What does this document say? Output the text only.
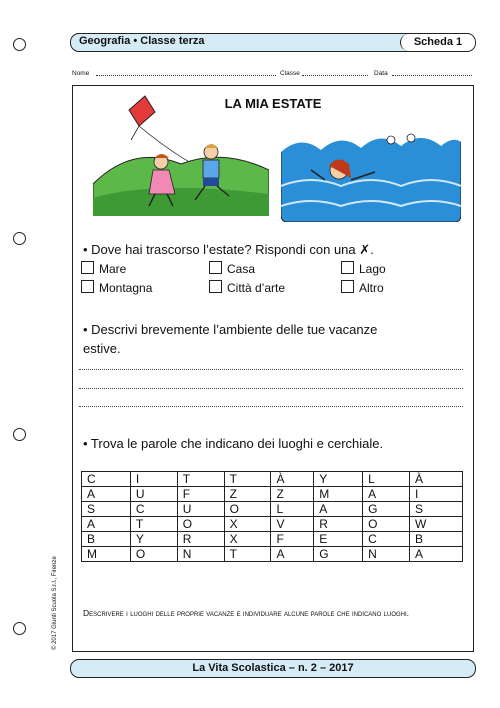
Geografia • Classe terza	Scheda 1
Nome	Classe	Data
LA MIA ESTATE
• Dove hai trascorso l’estate? Rispondi con una ✗.
Mare	Casa	Lago
Montagna	Città d’arte	Altro
• Descrivi brevemente l’ambiente delle tue vacanze
estive.
• Trova le parole che indicano dei luoghi e cerchiale.
C	I	T	T	À	Y	L	À
A	U	F	Z	Z	M	A	I
S	C	U	O	L	A	G	S
A	T	O	X	V	R	O	W
B	Y	R	X	F	E	C	B
M	O	N	T	A	G	N	A
Descrivere i luoghi delle proprie vacanze e individuare alcune parole che indicano luoghi.
© 2017 Giunti Scuola S.r.l., Firenze
La Vita Scolastica – n. 2 – 2017
